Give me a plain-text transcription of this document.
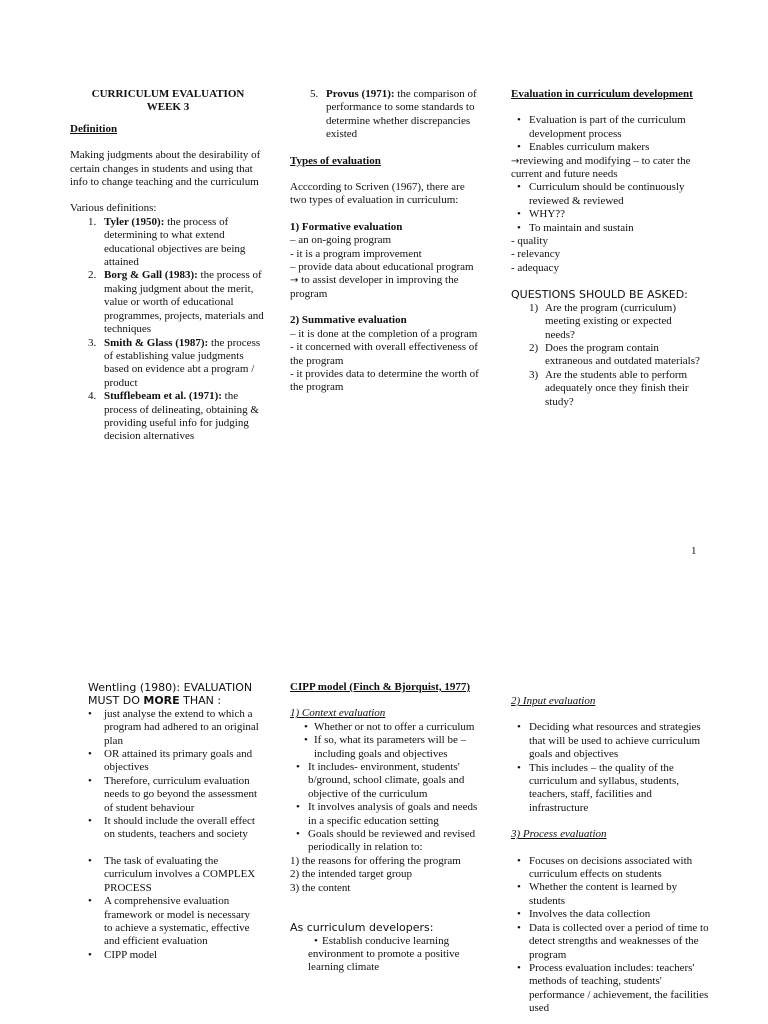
CURRICULUM EVALUATION

WEEK 3

Definition

Making judgments about the desirability of certain changes in students and using that info to change teaching and the curriculum

Various definitions:

1. Tyler (1950): the process of determining to what extend educational objectives are being attained
2. Borg & Gall (1983): the process of making judgment about the merit, value or worth of educational programmes, projects, materials and techniques
3. Smith & Glass (1987): the process of establishing value judgments based on evidence abt a program / product
4. Stufflebeam et al. (1971): the process of delineating, obtaining & providing useful info for judging decision alternatives
5. Provus (1971): the comparison of performance to some standards to determine whether discrepancies existed

Types of evaluation

Acccording to Scriven (1967), there are two types of evaluation in curriculum:

1) Formative evaluation

– an on-going program

- it is a program improvement

– provide data about educational program

→ to assist developer in improving the program

2) Summative evaluation

– it is done at the completion of a program

- it concerned with overall effectiveness of the program

- it provides data to determine the worth of the program

Evaluation in curriculum development

• Evaluation is part of the curriculum development process

• Enables curriculum makers

→reviewing and modifying – to cater the current and future needs

• Curriculum should be continuously reviewed & reviewed

• WHY??

• To maintain and sustain

- quality

- relevancy

- adequacy

QUESTIONS SHOULD BE ASKED:

1) Are the program (curriculum) meeting existing or expected needs?
2) Does the program contain extraneous and outdated materials?
3) Are the students able to perform adequately once they finish their study?
1

Wentling (1980): EVALUATION MUST DO MORE THAN :

• just analyse the extend to which a program had adhered to an original plan
• OR attained its primary goals and objectives
• Therefore, curriculum evaluation needs to go beyond the assessment of student behaviour
• It should include the overall effect on students, teachers and society
• The task of evaluating the curriculum involves a COMPLEX PROCESS
• A comprehensive evaluation framework or model is necessary to achieve a systematic, effective and efficient evaluation
• CIPP model

CIPP model (Finch & Bjorquist, 1977)

1) Context evaluation

• Whether or not to offer a curriculum

• If so, what its parameters will be – including goals and objectives

• It includes- environment, students' b/ground, school climate, goals and objective of the curriculum

• It involves analysis of goals and needs in a specific education setting

• Goals should be reviewed and revised periodically in relation to:

1) the reasons for offering the program

2) the intended target group

3) the content

As curriculum developers:

• Establish conducive learning environment to promote a positive learning climate

2) Input evaluation

• Deciding what resources and strategies that will be used to achieve curriculum goals and objectives

• This includes – the quality of the curriculum and syllabus, students, teachers, staff, facilities and infrastructure

3) Process evaluation

• Focuses on decisions associated with curriculum effects on students

• Whether the content is learned by students

• Involves the data collection

• Data is collected over a period of time to detect strengths and weaknesses of the program

• Process evaluation includes: teachers' methods of teaching, students' performance / achievement, the facilities used
